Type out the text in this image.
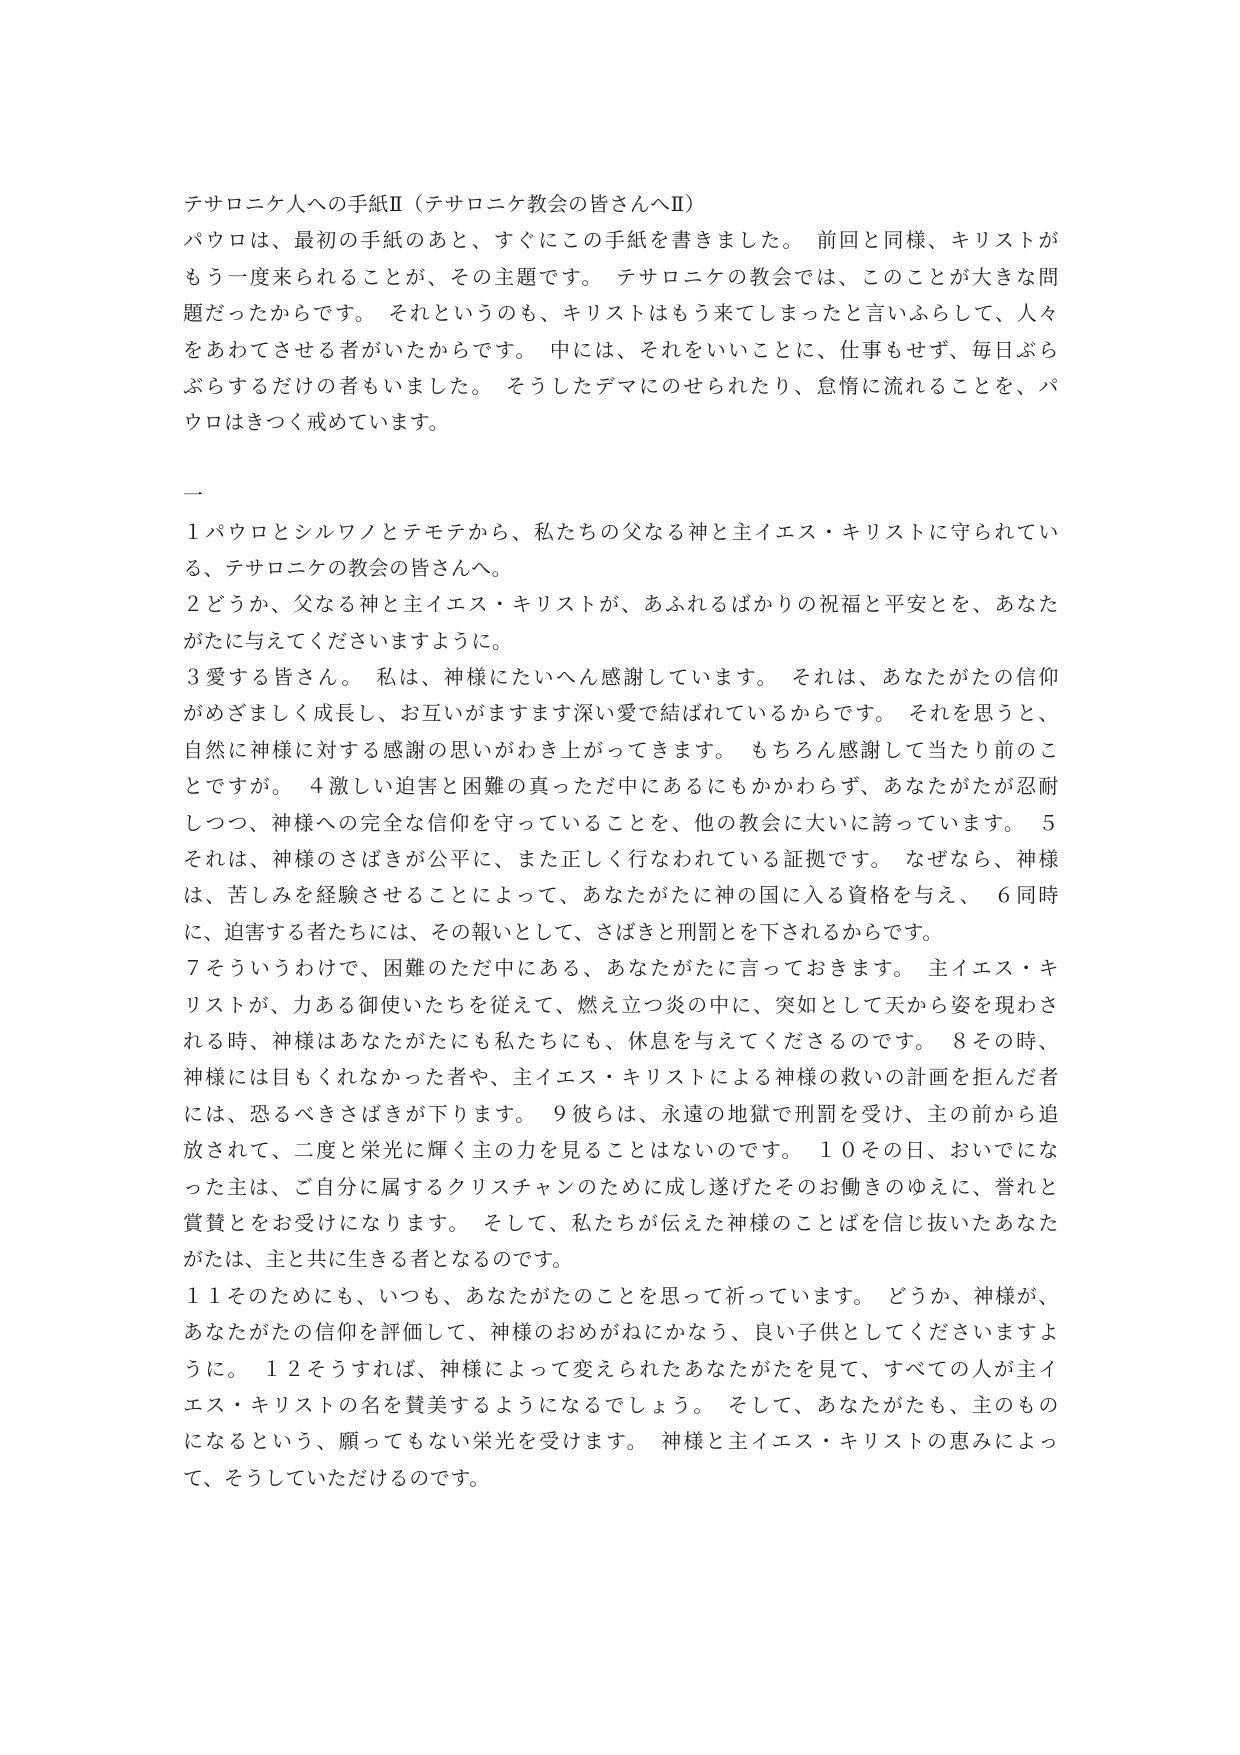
テサロニケ人への手紙Ⅱ（テサロニケ教会の皆さんへⅡ）
パウロは、最初の手紙のあと、すぐにこの手紙を書きました。　前回と同様、キリストが
もう一度来られることが、その主題です。　テサロニケの教会では、このことが大きな問
題だったからです。　それというのも、キリストはもう来てしまったと言いふらして、人々
をあわてさせる者がいたからです。　中には、それをいいことに、仕事もせず、毎日ぶら
ぶらするだけの者もいました。　そうしたデマにのせられたり、怠惰に流れることを、パ
ウロはきつく戒めています。
一
１パウロとシルワノとテモテから、私たちの父なる神と主イエス・キリストに守られてい
る、テサロニケの教会の皆さんへ。
２どうか、父なる神と主イエス・キリストが、あふれるばかりの祝福と平安とを、あなた
がたに与えてくださいますように。
３愛する皆さん。　私は、神様にたいへん感謝しています。　それは、あなたがたの信仰
がめざましく成長し、お互いがますます深い愛で結ばれているからです。　それを思うと、
自然に神様に対する感謝の思いがわき上がってきます。　もちろん感謝して当たり前のこ
とですが。　４激しい迫害と困難の真っただ中にあるにもかかわらず、あなたがたが忍耐
しつつ、神様への完全な信仰を守っていることを、他の教会に大いに誇っています。　５
それは、神様のさばきが公平に、また正しく行なわれている証拠です。　なぜなら、神様
は、苦しみを経験させることによって、あなたがたに神の国に入る資格を与え、　６同時
に、迫害する者たちには、その報いとして、さばきと刑罰とを下されるからです。
７そういうわけで、困難のただ中にある、あなたがたに言っておきます。　主イエス・キ
リストが、力ある御使いたちを従えて、燃え立つ炎の中に、突如として天から姿を現わさ
れる時、神様はあなたがたにも私たちにも、休息を与えてくださるのです。　８その時、
神様には目もくれなかった者や、主イエス・キリストによる神様の救いの計画を拒んだ者
には、恐るべきさばきが下ります。　９彼らは、永遠の地獄で刑罰を受け、主の前から追
放されて、二度と栄光に輝く主の力を見ることはないのです。　１０その日、おいでにな
った主は、ご自分に属するクリスチャンのために成し遂げたそのお働きのゆえに、誉れと
賞賛とをお受けになります。　そして、私たちが伝えた神様のことばを信じ抜いたあなた
がたは、主と共に生きる者となるのです。
１１そのためにも、いつも、あなたがたのことを思って祈っています。　どうか、神様が、
あなたがたの信仰を評価して、神様のおめがねにかなう、良い子供としてくださいますよ
うに。　１２そうすれば、神様によって変えられたあなたがたを見て、すべての人が主イ
エス・キリストの名を賛美するようになるでしょう。　そして、あなたがたも、主のもの
になるという、願ってもない栄光を受けます。　神様と主イエス・キリストの恵みによっ
て、そうしていただけるのです。
